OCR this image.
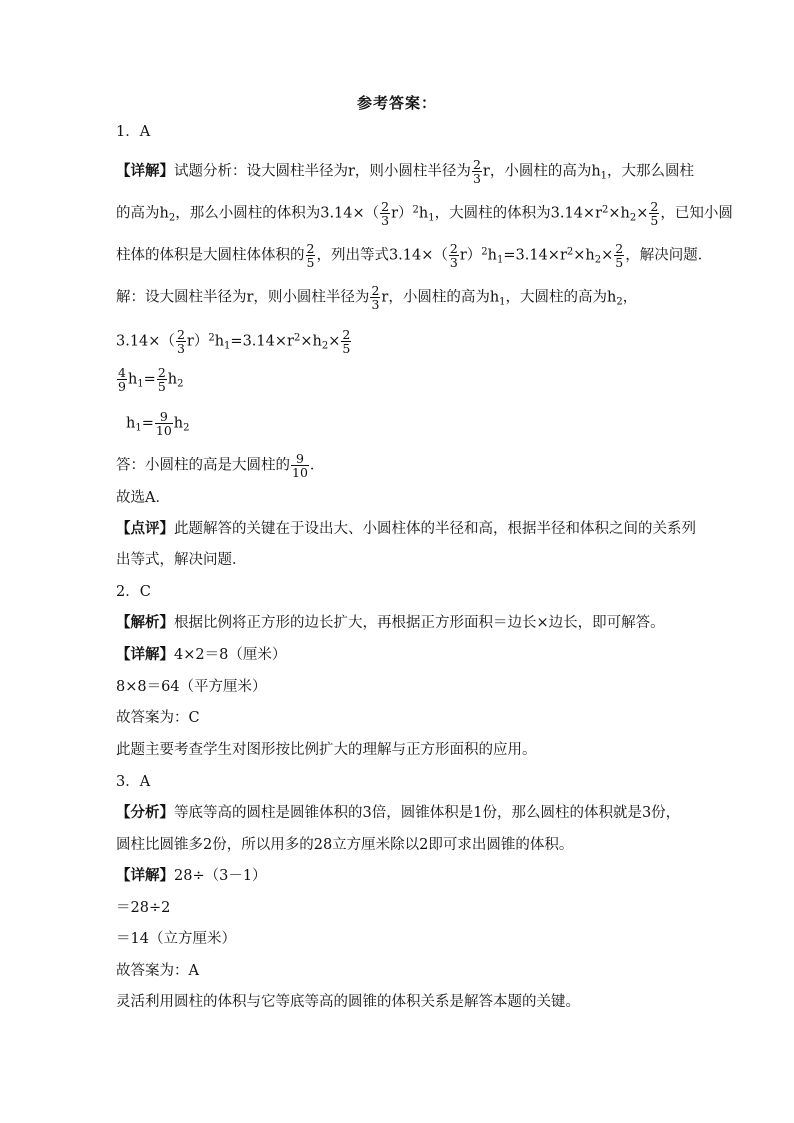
参考答案：
1．A
【详解】试题分析：设大圆柱半径为r，则小圆柱半径为 $\frac{2}{3}$ r，小圆柱的高为$h_1$，大那么圆柱
的高为$h_2$，那么小圆柱的体积为$3.14\times( \frac{2}{3} r)^2h_1$，大圆柱的体积为$3.14\times r^2\times h_2\times \frac{2}{5}$ ，已知小圆
柱体的体积是大圆柱体体积的 $\frac{2}{5}$ ，列出等式$3.14\times( \frac{2}{3} r)^2h_1=3.14\times r^2\times h_2\times \frac{2}{5}$ ，解决问题．
解：设大圆柱半径为r，则小圆柱半径为 $\frac{2}{3}$ r，小圆柱的高为$h_1$，大圆柱的高为$h_2$，
$3.14\times( \frac{2}{3} r)^2h_1=3.14\times r^2\times h_2\times \frac{2}{5}$
$\frac{4}{9} h_1= \frac{2}{5} h_2$
$h_1= \frac{9}{10} h_2$
答：小圆柱的高是大圆柱的 $\frac{9}{10}$ ．
故选A．
【点评】此题解答的关键在于设出大、小圆柱体的半径和高，根据半径和体积之间的关系列
出等式，解决问题．
2．C
【解析】根据比例将正方形的边长扩大，再根据正方形面积＝边长×边长，即可解答。
【详解】4×2＝8（厘米）
8×8＝64（平方厘米）
故答案为：C
此题主要考查学生对图形按比例扩大的理解与正方形面积的应用。
3．A
【分析】等底等高的圆柱是圆锥体积的3倍，圆锥体积是1份，那么圆柱的体积就是3份，
圆柱比圆锥多2份，所以用多的28立方厘米除以2即可求出圆锥的体积。
【详解】28÷（3－1）
＝28÷2
＝14（立方厘米）
故答案为：A
灵活利用圆柱的体积与它等底等高的圆锥的体积关系是解答本题的关键。
